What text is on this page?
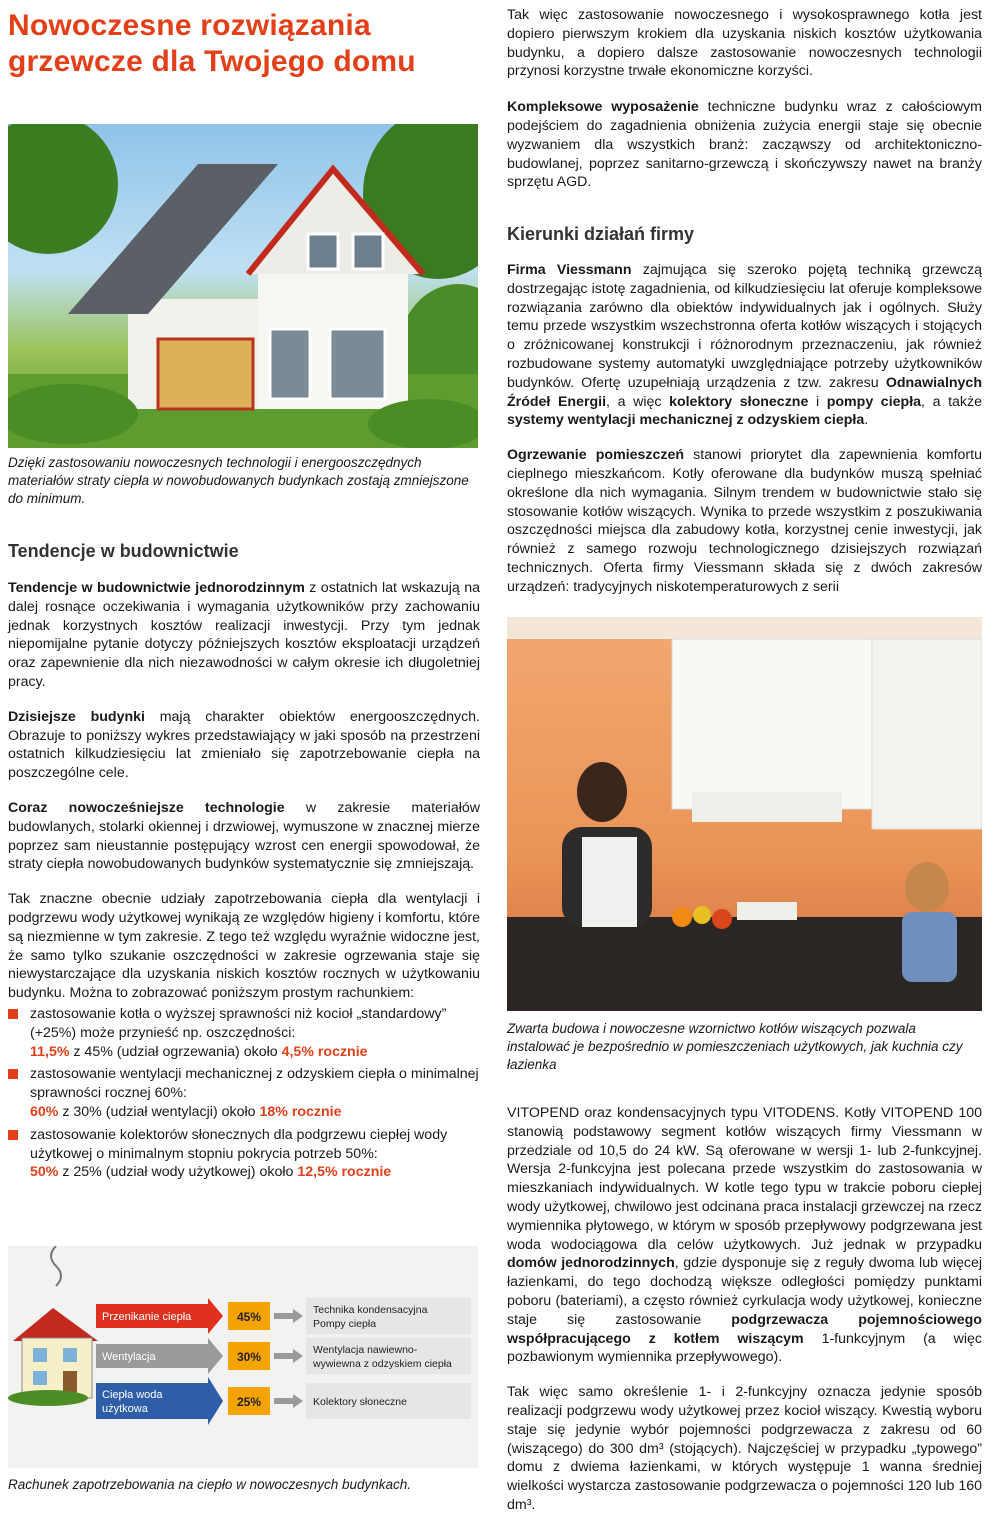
Nowoczesne rozwiązania
grzewcze dla Twojego domu

Dzięki zastosowaniu nowoczesnych technologii i energooszczędnych materiałów straty ciepła w nowobudowanych budynkach zostają zmniejszone do minimum.

Tendencje w budownictwie

Tendencje w budownictwie jednorodzinnym z ostatnich lat wskazują na dalej rosnące oczekiwania i wymagania użytkowników przy zachowaniu jednak korzystnych kosztów realizacji inwestycji. Przy tym jednak niepomijalne pytanie dotyczy późniejszych kosztów eksploatacji urządzeń oraz zapewnienie dla nich niezawodności w całym okresie ich długoletniej pracy.

Dzisiejsze budynki mają charakter obiektów energooszczędnych. Obrazuje to poniższy wykres przedstawiający w jaki sposób na przestrzeni ostatnich kilkudziesięciu lat zmieniało się zapotrzebowanie ciepła na poszczególne cele.

Coraz nowocześniejsze technologie w zakresie materiałów budowlanych, stolarki okiennej i drzwiowej, wymuszone w znacznej mierze poprzez sam nieustannie postępujący wzrost cen energii spowodował, że straty ciepła nowobudowanych budynków systematycznie się zmniejszają.

Tak znaczne obecnie udziały zapotrzebowania ciepła dla wentylacji i podgrzewu wody użytkowej wynikają ze względów higieny i komfortu, które są niezmienne w tym zakresie. Z tego też względu wyraźnie widoczne jest, że samo tylko szukanie oszczędności w zakresie ogrzewania staje się niewystarczające dla uzyskania niskich kosztów rocznych w użytkowaniu budynku. Można to zobrazować poniższym prostym rachunkiem:

zastosowanie kotła o wyższej sprawności niż kocioł „standardowy” (+25%) może przynieść np. oszczędności:
11,5% z 45% (udział ogrzewania) około 4,5% rocznie
zastosowanie wentylacji mechanicznej z odzyskiem ciepła o minimalnej sprawności rocznej 60%:
60% z 30% (udział wentylacji) około 18% rocznie
zastosowanie kolektorów słonecznych dla podgrzewu ciepłej wody użytkowej o minimalnym stopniu pokrycia potrzeb 50%:
50% z 25% (udział wody użytkowej) około 12,5% rocznie
Przenikanie ciepła	45%	Technika kondensacyjna Pompy ciepła
Wentylacja	30%	Wentylacja nawiewno-wywiewna z odzyskiem ciepła
Ciepła woda użytkowa	25%	Kolektory słoneczne

Rachunek zapotrzebowania na ciepło w nowoczesnych budynkach.

Tak więc zastosowanie nowoczesnego i wysokosprawnego kotła jest dopiero pierwszym krokiem dla uzyskania niskich kosztów użytkowania budynku, a dopiero dalsze zastosowanie nowoczesnych technologii przynosi korzystne trwałe ekonomiczne korzyści.

Kompleksowe wyposażenie techniczne budynku wraz z całościowym podejściem do zagadnienia obniżenia zużycia energii staje się obecnie wyzwaniem dla wszystkich branż: zacząwszy od architektoniczno-budowlanej, poprzez sanitarno-grzewczą i skończywszy nawet na branży sprzętu AGD.

Kierunki działań firmy

Firma Viessmann zajmująca się szeroko pojętą techniką grzewczą dostrzegając istotę zagadnienia, od kilkudziesięciu lat oferuje kompleksowe rozwiązania zarówno dla obiektów indywidualnych jak i ogólnych. Służy temu przede wszystkim wszechstronna oferta kotłów wiszących i stojących o zróżnicowanej konstrukcji i różnorodnym przeznaczeniu, jak również rozbudowane systemy automatyki uwzględniające potrzeby użytkowników budynków. Ofertę uzupełniają urządzenia z tzw. zakresu Odnawialnych Źródeł Energii, a więc kolektory słoneczne i pompy ciepła, a także systemy wentylacji mechanicznej z odzyskiem ciepła.

Ogrzewanie pomieszczeń stanowi priorytet dla zapewnienia komfortu cieplnego mieszkańcom. Kotły oferowane dla budynków muszą spełniać określone dla nich wymagania. Silnym trendem w budownictwie stało się stosowanie kotłów wiszących. Wynika to przede wszystkim z poszukiwania oszczędności miejsca dla zabudowy kotła, korzystnej cenie inwestycji, jak również z samego rozwoju technologicznego dzisiejszych rozwiązań technicznych. Oferta firmy Viessmann składa się z dwóch zakresów urządzeń: tradycyjnych niskotemperaturowych z serii

Zwarta budowa i nowoczesne wzornictwo kotłów wiszących pozwala instalować je bezpośrednio w pomieszczeniach użytkowych, jak kuchnia czy łazienka

VITOPEND oraz kondensacyjnych typu VITODENS. Kotły VITOPEND 100 stanowią podstawowy segment kotłów wiszących firmy Viessmann w przedziale od 10,5 do 24 kW. Są oferowane w wersji 1- lub 2-funkcyjnej. Wersja 2-funkcyjna jest polecana przede wszystkim do zastosowania w mieszkaniach indywidualnych. W kotle tego typu w trakcie poboru ciepłej wody użytkowej, chwilowo jest odcinana praca instalacji grzewczej na rzecz wymiennika płytowego, w którym w sposób przepływowy podgrzewana jest woda wodociągowa dla celów użytkowych. Już jednak w przypadku domów jednorodzinnych, gdzie dysponuje się z reguły dwoma lub więcej łazienkami, do tego dochodzą większe odległości pomiędzy punktami poboru (bateriami), a często również cyrkulacja wody użytkowej, konieczne staje się zastosowanie podgrzewacza pojemnościowego współpracującego z kotłem wiszącym 1-funkcyjnym (a więc pozbawionym wymiennika przepływowego).

Tak więc samo określenie 1- i 2-funkcyjny oznacza jedynie sposób realizacji podgrzewu wody użytkowej przez kocioł wiszący. Kwestią wyboru staje się jedynie wybór pojemności podgrzewacza z zakresu od 60 (wiszącego) do 300 dm³ (stojących). Najczęściej w przypadku „typowego” domu z dwiema łazienkami, w których występuje 1 wanna średniej wielkości wystarcza zastosowanie podgrzewacza o pojemności 120 lub 160 dm³.
